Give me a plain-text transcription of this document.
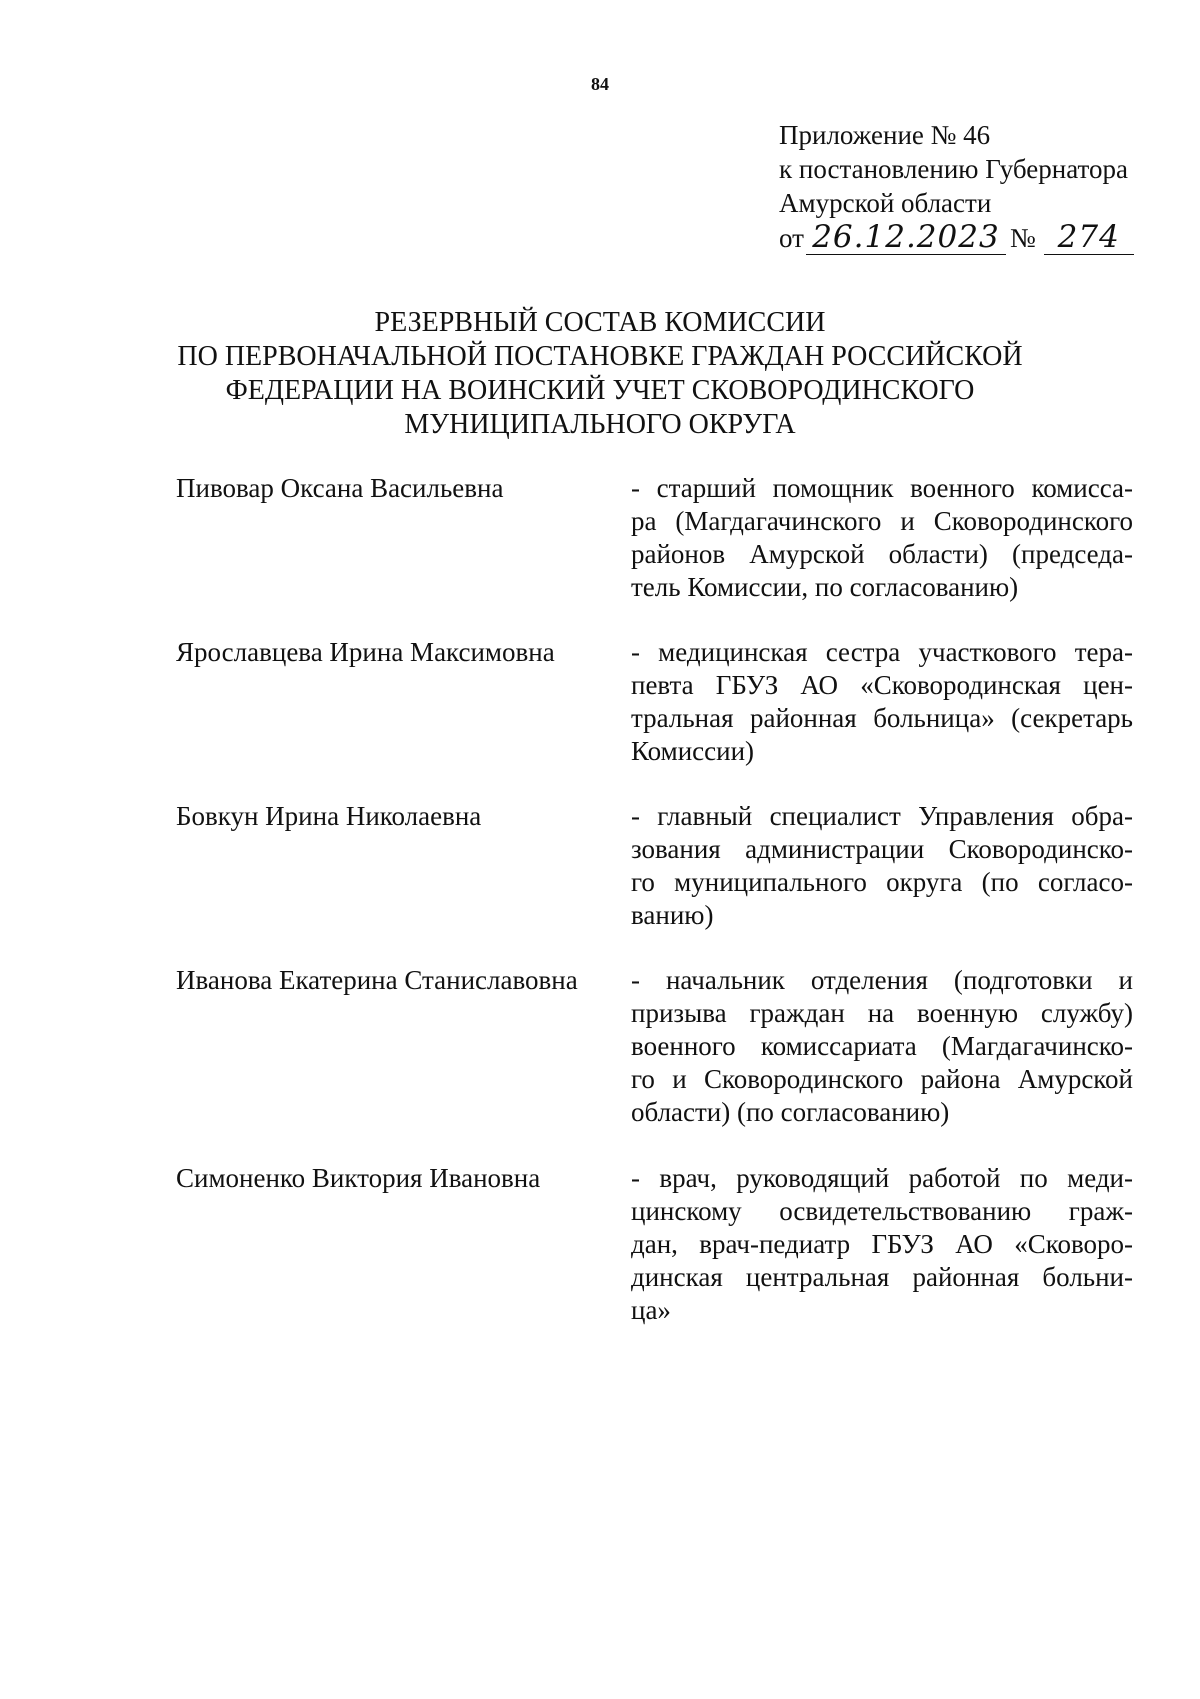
84
Приложение № 46
к постановлению Губернатора
Амурской области
от 26.12.2023 № 274
РЕЗЕРВНЫЙ СОСТАВ КОМИССИИ
ПО ПЕРВОНАЧАЛЬНОЙ ПОСТАНОВКЕ ГРАЖДАН РОССИЙСКОЙ
ФЕДЕРАЦИИ НА ВОИНСКИЙ УЧЕТ СКОВОРОДИНСКОГО
МУНИЦИПАЛЬНОГО ОКРУГА
Пивовар Оксана Васильевна	- старший помощник военного комисса-
ра (Магдагачинского и Сковородинского
районов Амурской области) (председа-
тель Комиссии, по согласованию)
Ярославцева Ирина Максимовна	- медицинская сестра участкового тера-
певта ГБУЗ АО «Сковородинская цен-
тральная районная больница» (секретарь
Комиссии)
Бовкун Ирина Николаевна	- главный специалист Управления обра-
зования администрации Сковородинско-
го муниципального округа (по согласо-
ванию)
Иванова Екатерина Станиславовна - начальник отделения (подготовки и
призыва граждан на военную службу)
военного комиссариата (Магдагачинско-
го и Сковородинского района Амурской
области) (по согласованию)
Симоненко Виктория Ивановна	- врач, руководящий работой по меди-
цинскому освидетельствованию граж-
дан, врач-педиатр ГБУЗ АО «Сковоро-
динская центральная районная больни-
ца»
